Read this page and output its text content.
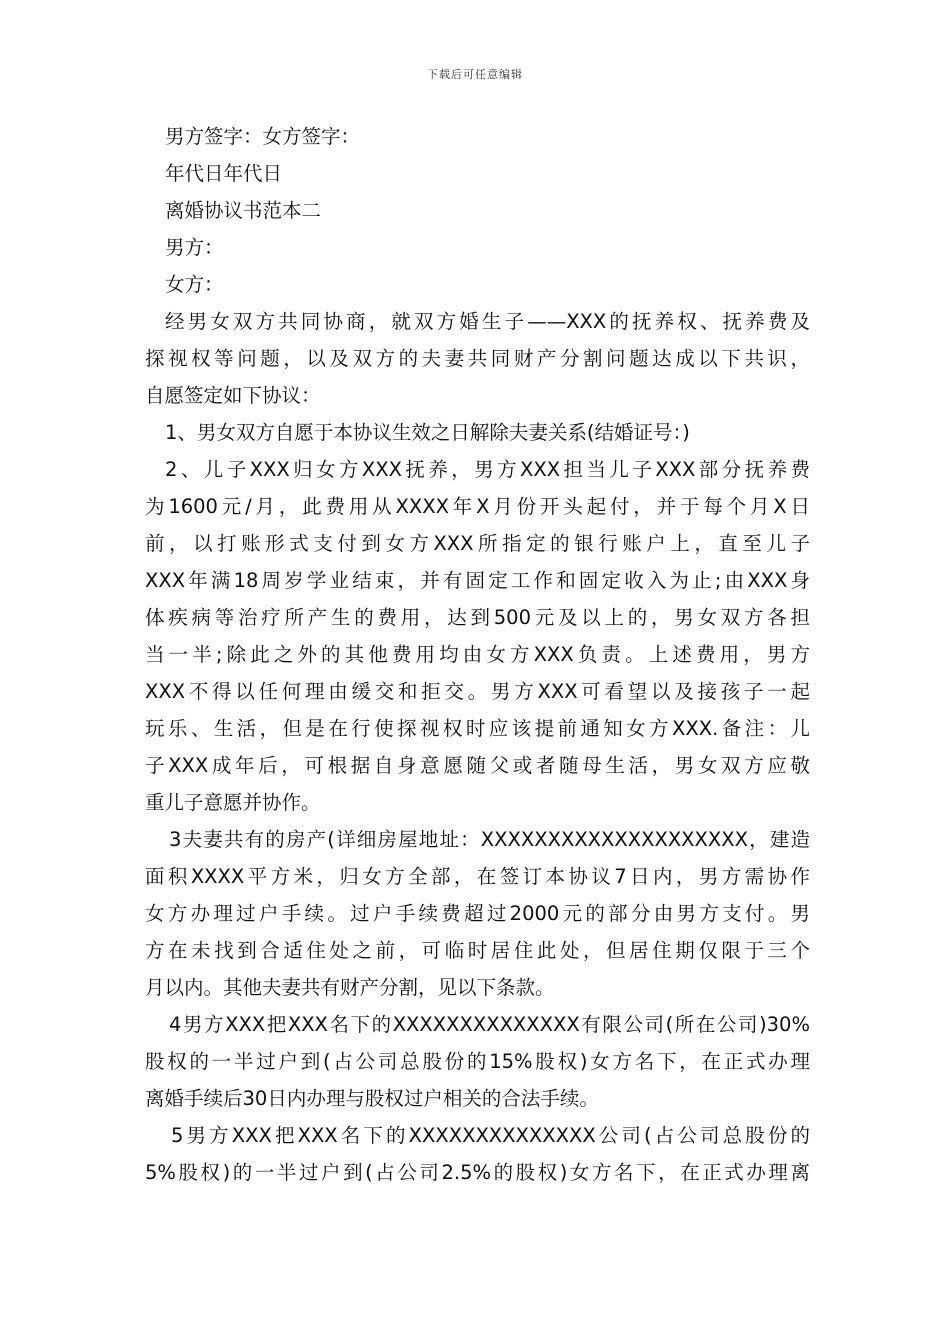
下载后可任意编辑
男方签字：女方签字：
年代日年代日
离婚协议书范本二
男方：
女方：
经男女双方共同协商，就双方婚生子——XXX的抚养权、抚养费及
探视权等问题，以及双方的夫妻共同财产分割问题达成以下共识，
自愿签定如下协议：
1、男女双方自愿于本协议生效之日解除夫妻关系(结婚证号：)
2、儿子XXX归女方XXX抚养，男方XXX担当儿子XXX部分抚养费
为1600元/月，此费用从XXXX年X月份开头起付，并于每个月X日
前，以打账形式支付到女方XXX所指定的银行账户上，直至儿子
XXX年满18周岁学业结束，并有固定工作和固定收入为止;由XXX身
体疾病等治疗所产生的费用，达到500元及以上的，男女双方各担
当一半;除此之外的其他费用均由女方XXX负责。上述费用，男方
XXX不得以任何理由缓交和拒交。男方XXX可看望以及接孩子一起
玩乐、生活，但是在行使探视权时应该提前通知女方XXX.备注：儿
子XXX成年后，可根据自身意愿随父或者随母生活，男女双方应敬
重儿子意愿并协作。
3夫妻共有的房产(详细房屋地址：XXXXXXXXXXXXXXXXXXXX，建造
面积XXXX平方米，归女方全部，在签订本协议7日内，男方需协作
女方办理过户手续。过户手续费超过2000元的部分由男方支付。男
方在未找到合适住处之前，可临时居住此处，但居住期仅限于三个
月以内。其他夫妻共有财产分割，见以下条款。
4男方XXX把XXX名下的XXXXXXXXXXXXXX有限公司(所在公司)30%
股权的一半过户到(占公司总股份的15%股权)女方名下，在正式办理
离婚手续后30日内办理与股权过户相关的合法手续。
5男方XXX把XXX名下的XXXXXXXXXXXXXX公司(占公司总股份的
5%股权)的一半过户到(占公司2.5%的股权)女方名下，在正式办理离
